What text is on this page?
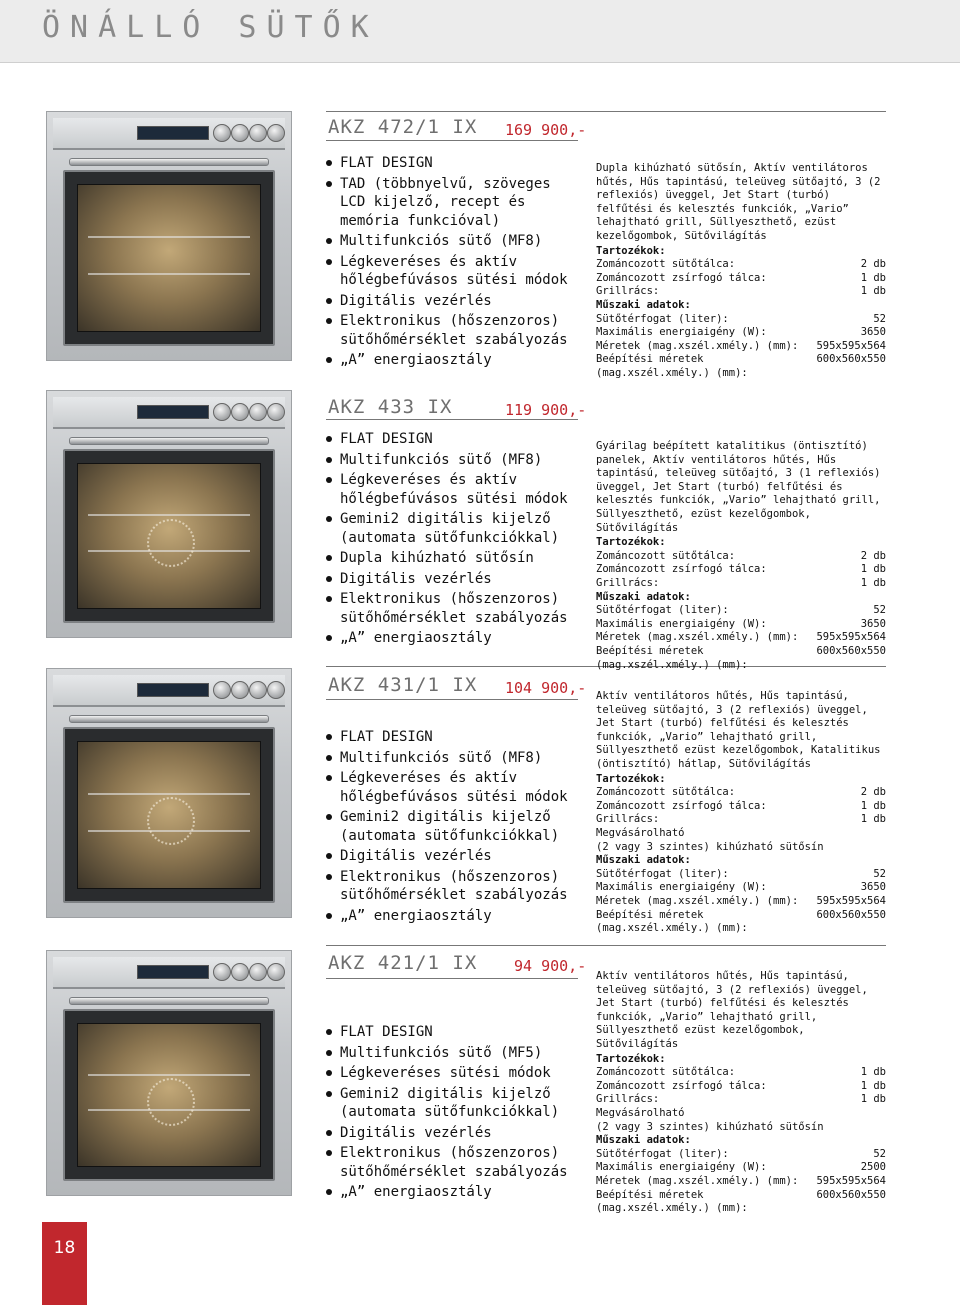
ÖNÁLLÓ SÜTŐK
AKZ 472/1 IX 169 900,-
FLAT DESIGN
TAD (többnyelvű, szöveges LCD kijelző, recept és memória funkcióval)
Multifunkciós sütő (MF8)
Légkeveréses és aktív hőlégbefúvásos sütési módok
Digitális vezérlés
Elektronikus (hőszenzoros) sütőhőmérséklet szabályozás
„A” energiaosztály
Dupla kihúzható sütősín, Aktív ventilátoros hűtés, Hűs tapintású, teleüveg sütőajtó, 3 (2 reflexiós) üveggel, Jet Start (turbó) felfűtési és kelesztés funkciók, „Vario” lehajtható grill, Süllyeszthető, ezüst kezelőgombok, Sütővilágítás
Tartozékok:
Zománcozott sütőtálca:	2 db
Zománcozott zsírfogó tálca:	1 db
Grillrács:	1 db
Műszaki adatok:
Sütőtérfogat (liter):	52
Maximális energiaigény (W):	3650
Méretek (mag.xszél.xmély.) (mm): 595x595x564
Beépítési méretek (mag.xszél.xmély.) (mm):
600x560x550
AKZ 433 IX	119 900,-
FLAT DESIGN
Multifunkciós sütő (MF8)
Légkeveréses és aktív hőlégbefúvásos sütési módok
Gemini2 digitális kijelző (automata sütőfunkciókkal)
Dupla kihúzható sütősín
Digitális vezérlés
Elektronikus (hőszenzoros) sütőhőmérséklet szabályozás
„A” energiaosztály
Gyárilag beépített katalitikus (öntisztító) panelek, Aktív ventilátoros hűtés, Hűs tapintású, teleüveg sütőajtó, 3 (1 reflexiós) üveggel, Jet Start (turbó) felfűtési és kelesztés funkciók, „Vario” lehajtható grill, Süllyeszthető, ezüst kezelőgombok, Sütővilágítás
Tartozékok:
Zománcozott sütőtálca:	2 db
Zománcozott zsírfogó tálca:	1 db
Grillrács:	1 db
Műszaki adatok:
Sütőtérfogat (liter):	52
Maximális energiaigény (W):	3650
Méretek (mag.xszél.xmély.) (mm): 595x595x564
Beépítési méretek (mag.xszél.xmély.) (mm):
600x560x550
AKZ 431/1 IX 104 900,-
FLAT DESIGN
Multifunkciós sütő (MF8)
Légkeveréses és aktív hőlégbefúvásos sütési módok
Gemini2 digitális kijelző (automata sütőfunkciókkal)
Digitális vezérlés
Elektronikus (hőszenzoros) sütőhőmérséklet szabályozás
„A” energiaosztály
Aktív ventilátoros hűtés, Hűs tapintású, teleüveg sütőajtó, 3 (2 reflexiós) üveggel, Jet Start (turbó) felfűtési és kelesztés funkciók, „Vario” lehajtható grill, Süllyeszthető ezüst kezelőgombok, Katalitikus (öntisztító) hátlap, Sütővilágítás
Tartozékok:
Zománcozott sütőtálca:	2 db
Zománcozott zsírfogó tálca:	1 db
Grillrács:	1 db
Megvásárolható
(2 vagy 3 szintes) kihúzható sütősín
Műszaki adatok:
Sütőtérfogat (liter):	52
Maximális energiaigény (W):	3650
Méretek (mag.xszél.xmély.) (mm): 595x595x564
Beépítési méretek (mag.xszél.xmély.) (mm):
600x560x550
AKZ 421/1 IX 94 900,-
FLAT DESIGN
Multifunkciós sütő (MF5)
Légkeveréses sütési módok
Gemini2 digitális kijelző (automata sütőfunkciókkal)
Digitális vezérlés
Elektronikus (hőszenzoros) sütőhőmérséklet szabályozás
„A” energiaosztály
Aktív ventilátoros hűtés, Hűs tapintású, teleüveg sütőajtó, 3 (2 reflexiós) üveggel, Jet Start (turbó) felfűtési és kelesztés funkciók, „Vario” lehajtható grill, Süllyeszthető ezüst kezelőgombok, Sütővilágítás
Tartozékok:
Zománcozott sütőtálca:	1 db
Zománcozott zsírfogó tálca:	1 db
Grillrács:	1 db
Megvásárolható
(2 vagy 3 szintes) kihúzható sütősín
Műszaki adatok:
Sütőtérfogat (liter):	52
Maximális energiaigény (W):	2500
Méretek (mag.xszél.xmély.) (mm): 595x595x564
Beépítési méretek (mag.xszél.xmély.) (mm):
600x560x550
18
